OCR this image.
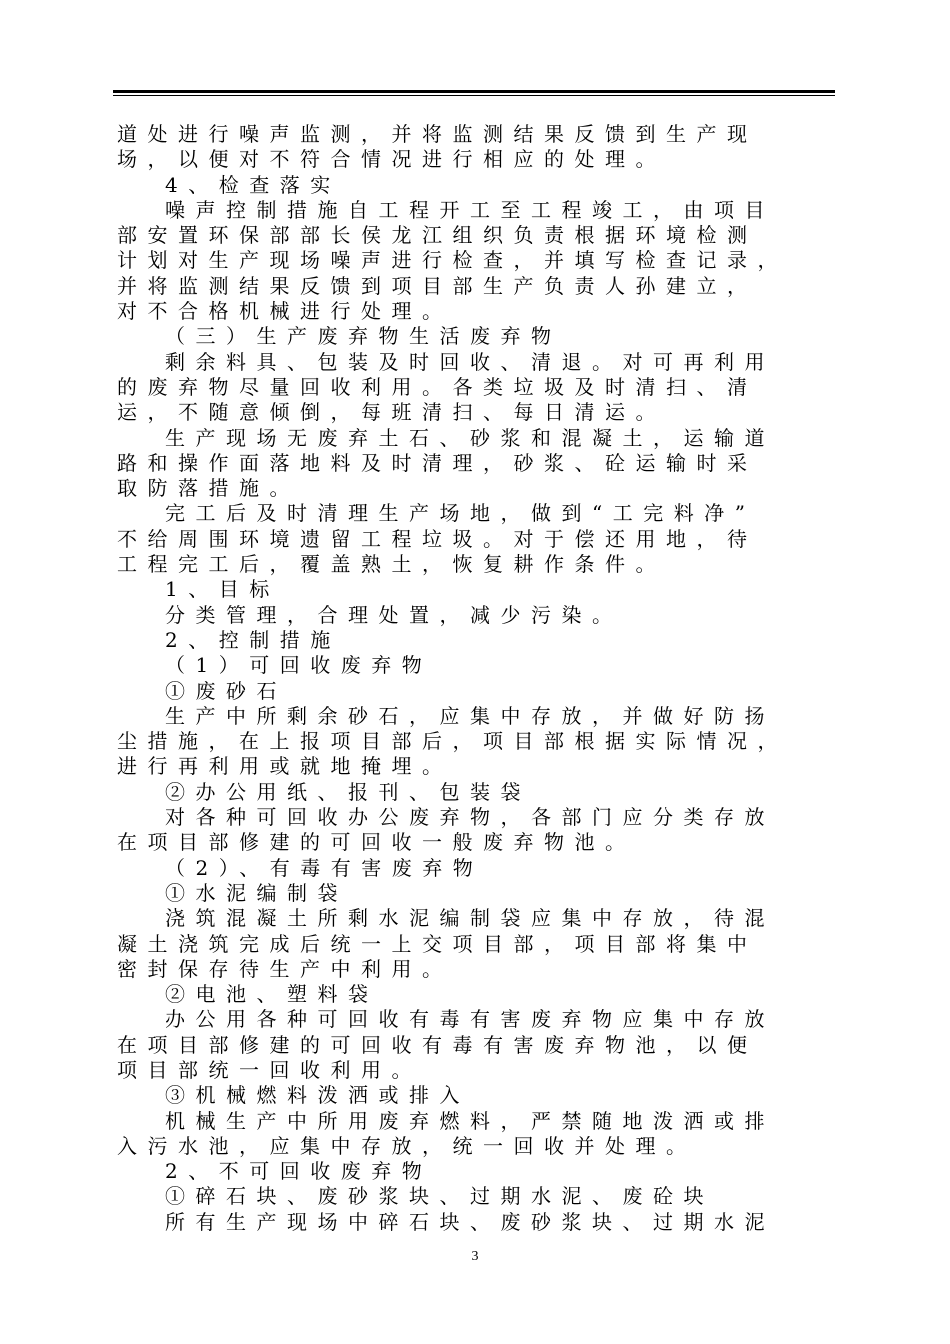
道处进行噪声监测，并将监测结果反馈到生产现
场，以便对不符合情况进行相应的处理。
4、检查落实
噪声控制措施自工程开工至工程竣工，由项目
部安置环保部部长侯龙江组织负责根据环境检测
计划对生产现场噪声进行检查，并填写检查记录，
并将监测结果反馈到项目部生产负责人孙建立，
对不合格机械进行处理。
（三）生产废弃物生活废弃物
剩余料具、包装及时回收、清退。对可再利用
的废弃物尽量回收利用。各类垃圾及时清扫、清
运，不随意倾倒，每班清扫、每日清运。
生产现场无废弃土石、砂浆和混凝土，运输道
路和操作面落地料及时清理，砂浆、砼运输时采
取防落措施。
完工后及时清理生产场地，做到“工完料净”
不给周围环境遗留工程垃圾。对于偿还用地，待
工程完工后，覆盖熟土，恢复耕作条件。
1、目标
分类管理，合理处置，减少污染。
2、控制措施
（1）可回收废弃物
①废砂石
生产中所剩余砂石，应集中存放，并做好防扬
尘措施，在上报项目部后，项目部根据实际情况，
进行再利用或就地掩埋。
②办公用纸、报刊、包装袋
对各种可回收办公废弃物，各部门应分类存放
在项目部修建的可回收一般废弃物池。
（2）、有毒有害废弃物
①水泥编制袋
浇筑混凝土所剩水泥编制袋应集中存放，待混
凝土浇筑完成后统一上交项目部，项目部将集中
密封保存待生产中利用。
②电池、塑料袋
办公用各种可回收有毒有害废弃物应集中存放
在项目部修建的可回收有毒有害废弃物池，以便
项目部统一回收利用。
③机械燃料泼洒或排入
机械生产中所用废弃燃料，严禁随地泼洒或排
入污水池，应集中存放，统一回收并处理。
2、不可回收废弃物
①碎石块、废砂浆块、过期水泥、废砼块
所有生产现场中碎石块、废砂浆块、过期水泥
3
